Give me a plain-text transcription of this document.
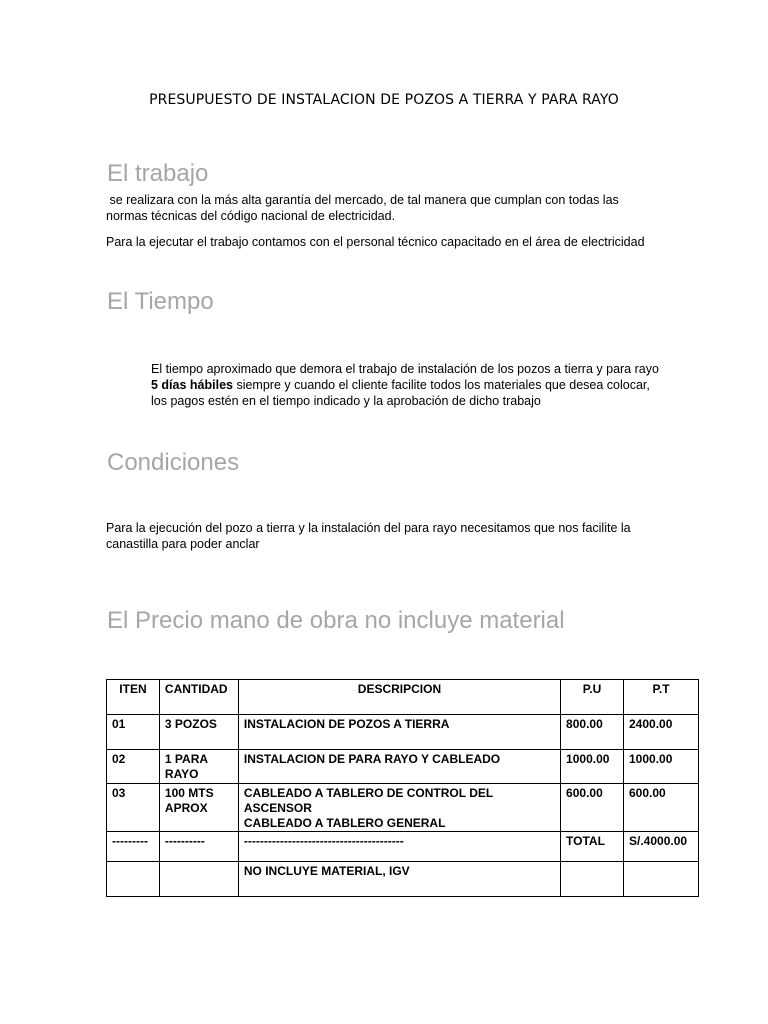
PRESUPUESTO DE INSTALACION DE POZOS A TIERRA Y PARA RAYO
El trabajo
se realizara con la más alta garantía del mercado, de tal manera que cumplan con todas las
normas técnicas del código nacional de electricidad.
Para la ejecutar el trabajo contamos con el personal técnico capacitado en el área de electricidad
El Tiempo
El tiempo aproximado que demora el trabajo de instalación de los pozos a tierra y para rayo
5 días hábiles siempre y cuando el cliente facilite todos los materiales que desea colocar,
los pagos estén en el tiempo indicado y la aprobación de dicho trabajo
Condiciones
Para la ejecución del pozo a tierra y la instalación del para rayo necesitamos que nos facilite la
canastilla para poder anclar
El Precio mano de obra no incluye material
ITEN	CANTIDAD	DESCRIPCION	P.U	P.T
01	3 POZOS	INSTALACION DE POZOS A TIERRA	800.00	2400.00
02	1 PARA RAYO	INSTALACION DE PARA RAYO Y CABLEADO	1000.00	1000.00
03	100 MTS APROX	CABLEADO A TABLERO DE CONTROL DEL ASCENSOR
CABLEADO A TABLERO GENERAL	600.00	600.00
---------	----------	----------------------------------------	TOTAL	S/.4000.00
		NO INCLUYE MATERIAL, IGV		
